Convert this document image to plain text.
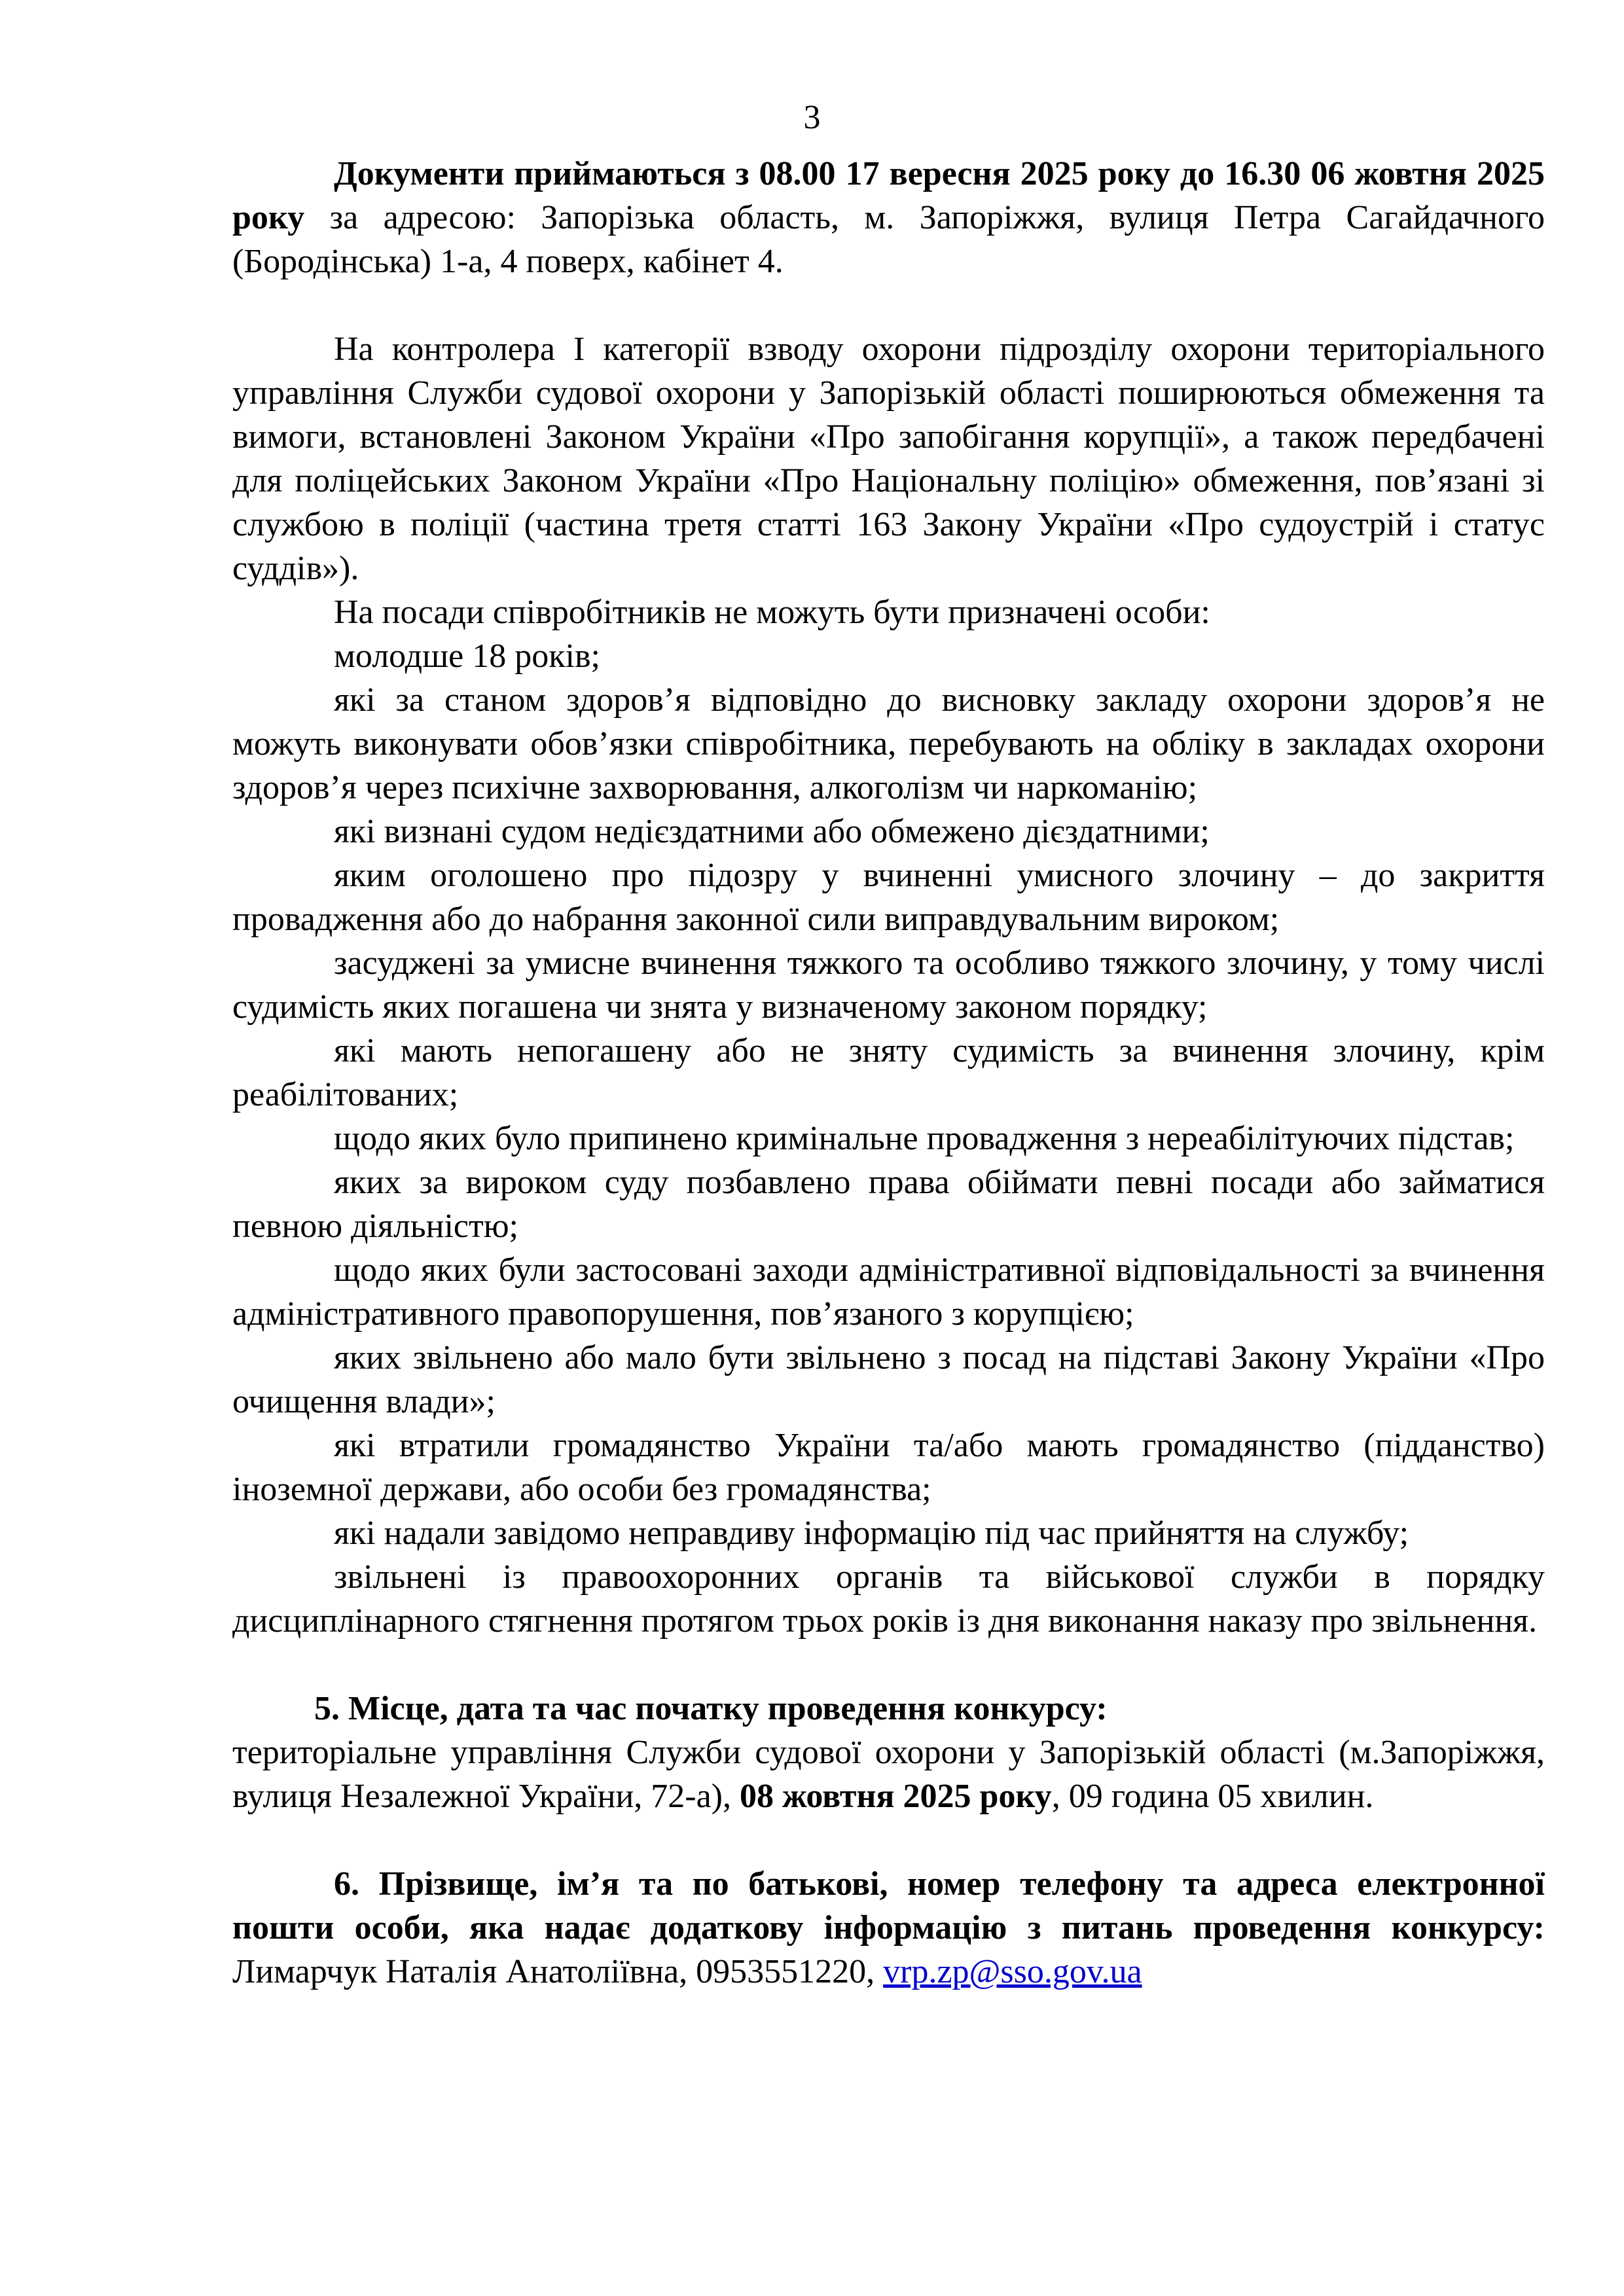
3

Документи приймаються з 08.00 17 вересня 2025 року до 16.30 06 жовтня 2025 року за адресою: Запорізька область, м. Запоріжжя, вулиця Петра Сагайдачного (Бородінська) 1-а, 4 поверх, кабінет 4.

На контролера І категорії взводу охорони підрозділу охорони територіального управління Служби судової охорони у Запорізькій області поширюються обмеження та вимоги, встановлені Законом України «Про запобігання корупції», а також передбачені для поліцейських Законом України «Про Національну поліцію» обмеження, пов’язані зі службою в поліції (частина третя статті 163 Закону України «Про судоустрій і статус суддів»).

На посади співробітників не можуть бути призначені особи:

молодше 18 років;

які за станом здоров’я відповідно до висновку закладу охорони здоров’я не можуть виконувати обов’язки співробітника, перебувають на обліку в закладах охорони здоров’я через психічне захворювання, алкоголізм чи наркоманію;

які визнані судом недієздатними або обмежено дієздатними;

яким оголошено про підозру у вчиненні умисного злочину – до закриття провадження або до набрання законної сили виправдувальним вироком;

засуджені за умисне вчинення тяжкого та особливо тяжкого злочину, у тому числі судимість яких погашена чи знята у визначеному законом порядку;

які мають непогашену або не зняту судимість за вчинення злочину, крім реабілітованих;

щодо яких було припинено кримінальне провадження з нереабілітуючих підстав;

яких за вироком суду позбавлено права обіймати певні посади або займатися певною діяльністю;

щодо яких були застосовані заходи адміністративної відповідальності за вчинення адміністративного правопорушення, пов’язаного з корупцією;

яких звільнено або мало бути звільнено з посад на підставі Закону України «Про очищення влади»;

які втратили громадянство України та/або мають громадянство (підданство) іноземної держави, або особи без громадянства;

які надали завідомо неправдиву інформацію під час прийняття на службу;

звільнені із правоохоронних органів та військової служби в порядку дисциплінарного стягнення протягом трьох років із дня виконання наказу про звільнення.

5. Місце, дата та час початку проведення конкурсу:

територіальне управління Служби судової охорони у Запорізькій області (м.Запоріжжя, вулиця Незалежної України, 72-а), 08 жовтня 2025 року, 09 година 05 хвилин.

6. Прізвище, ім’я та по батькові, номер телефону та адреса електронної пошти особи, яка надає додаткову інформацію з питань проведення конкурсу: Лимарчук Наталія Анатоліївна, 0953551220, vrp.zp@sso.gov.ua
